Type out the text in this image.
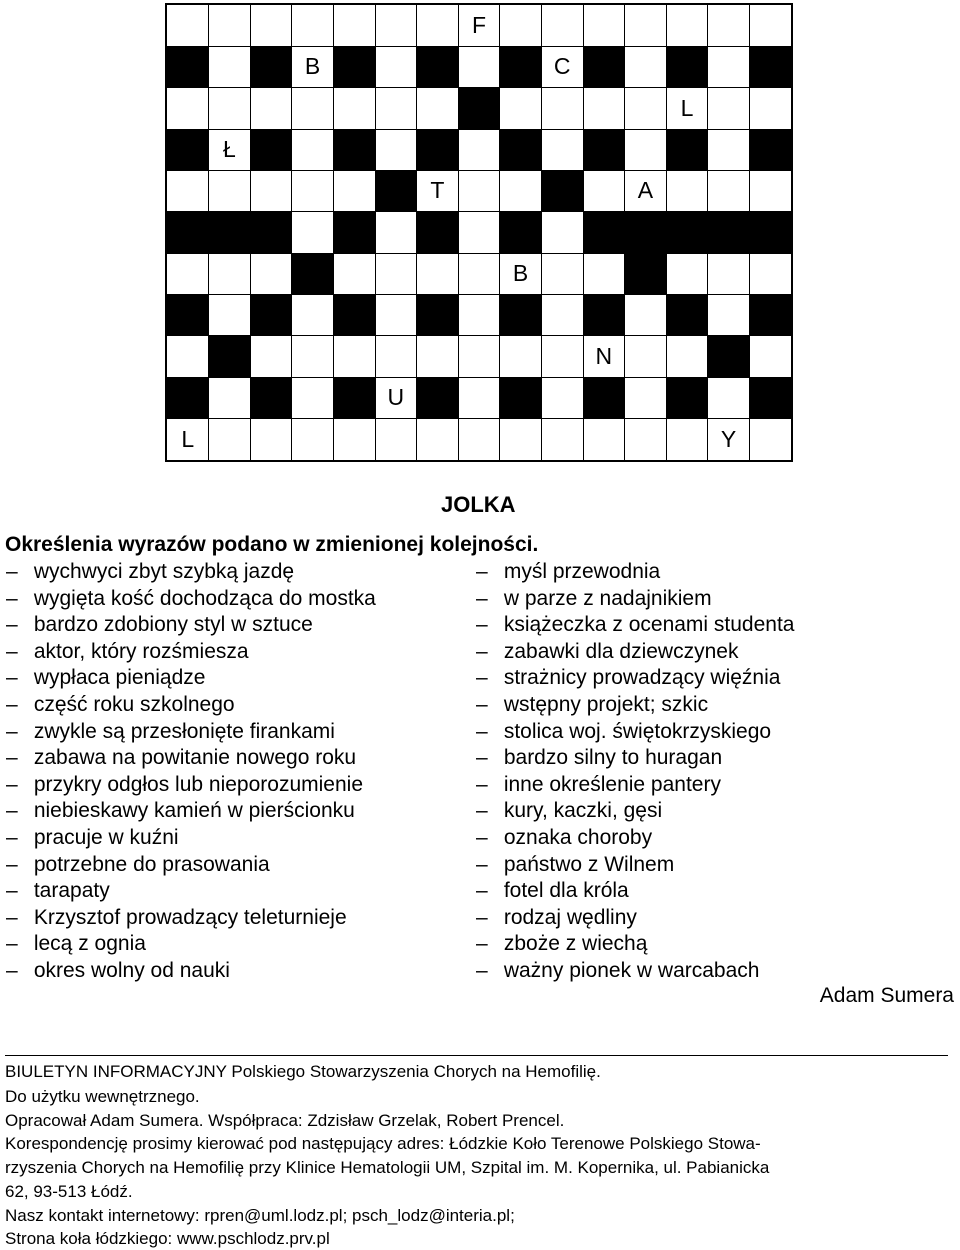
F
B	C
L
Ł	E
T	A
S
B
P
N
U
L	Y
JOLKA
Określenia wyrazów podano w zmienionej kolejności.
– wychwyci zbyt szybką jazdę
– wygięta kość dochodząca do mostka
– bardzo zdobiony styl w sztuce
– aktor, który rozśmiesza
– wypłaca pieniądze
– część roku szkolnego
– zwykle są przesłonięte firankami
– zabawa na powitanie nowego roku
– przykry odgłos lub nieporozumienie
– niebieskawy kamień w pierścionku
– pracuje w kuźni
– potrzebne do prasowania
– tarapaty
– Krzysztof prowadzący teleturnieje
– lecą z ognia
– okres wolny od nauki
– myśl przewodnia
– w parze z nadajnikiem
– książeczka z ocenami studenta
– zabawki dla dziewczynek
– strażnicy prowadzący więźnia
– wstępny projekt; szkic
– stolica woj. świętokrzyskiego
– bardzo silny to huragan
– inne określenie pantery
– kury, kaczki, gęsi
– oznaka choroby
– państwo z Wilnem
– fotel dla króla
– rodzaj wędliny
– zboże z wiechą
– ważny pionek w warcabach
Adam Sumera
BIULETYN INFORMACYJNY Polskiego Stowarzyszenia Chorych na Hemofilię.
Do użytku wewnętrznego.
Opracował Adam Sumera. Współpraca: Zdzisław Grzelak, Robert Prencel.
Korespondencję prosimy kierować pod następujący adres: Łódzkie Koło Terenowe Polskiego Stowa-
rzyszenia Chorych na Hemofilię przy Klinice Hematologii UM, Szpital im. M. Kopernika, ul. Pabianicka
62, 93-513 Łódź.
Nasz kontakt internetowy: rpren@uml.lodz.pl; psch_lodz@interia.pl;
Strona koła łódzkiego: www.pschlodz.prv.pl
